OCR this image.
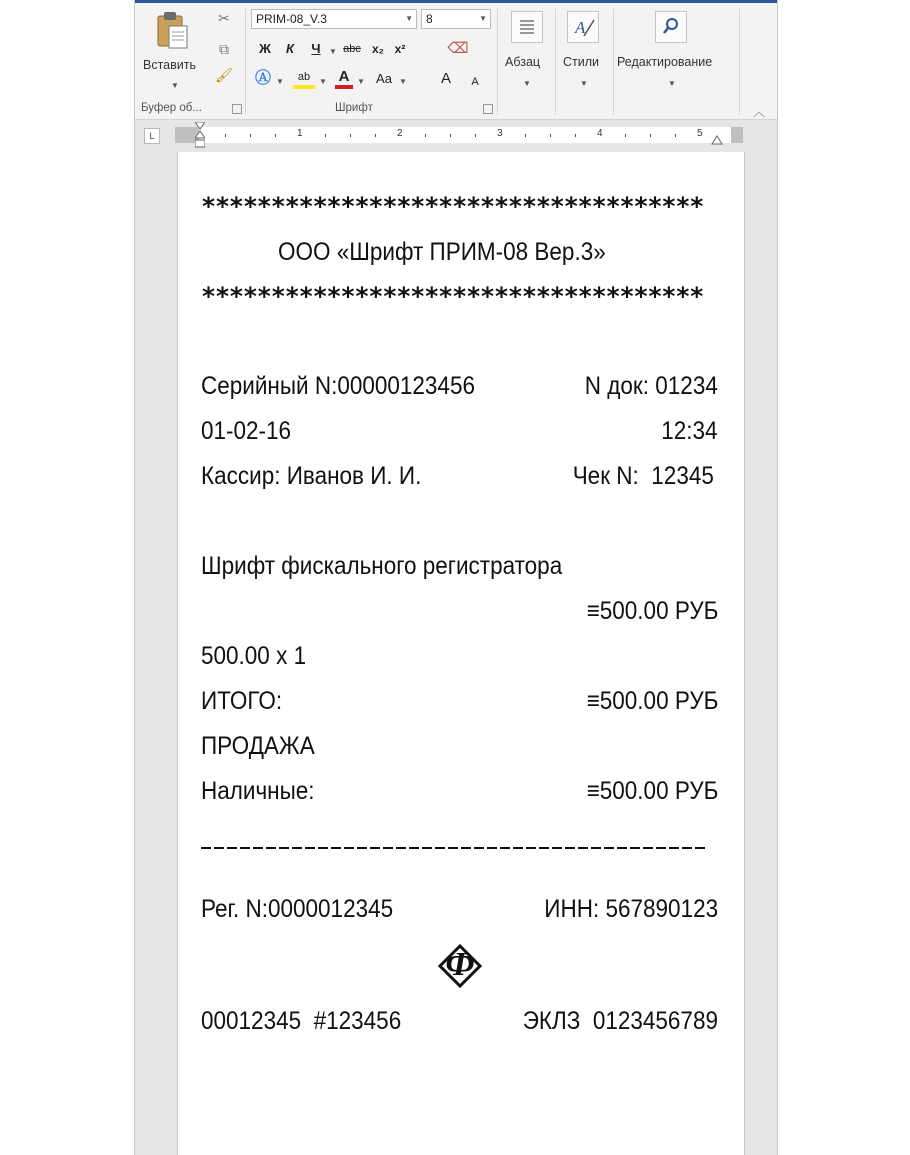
Вставить
▼
✂
⧉
🖌
Буфер об...
PRIM-08_V.3	▼	8	▼
Ж	К	Ч	▼ abc x₂ x²	⌫
Ⓐ ▼	ab	▼ A ▼ Aa ▼ A A
Шрифт
Абзац
▼
A
Стили
▼
Редактирование
▼
︿
L	1	2	3	4	5
************************************
ООО «Шрифт ПРИМ-08 Вер.3»
************************************
Серийный N:00000123456	N док: 01234
01-02-16	12:34
Кассир: Иванов И. И.	Чек N:  12345
Шрифт фискального регистратора
≡500.00 РУБ
500.00 x 1
ИТОГО:	≡500.00 РУБ
ПРОДАЖА
Наличные:	≡500.00 РУБ
Рег. N:0000012345	ИНН: 567890123
Ф
00012345  #123456	ЭКЛЗ  0123456789
